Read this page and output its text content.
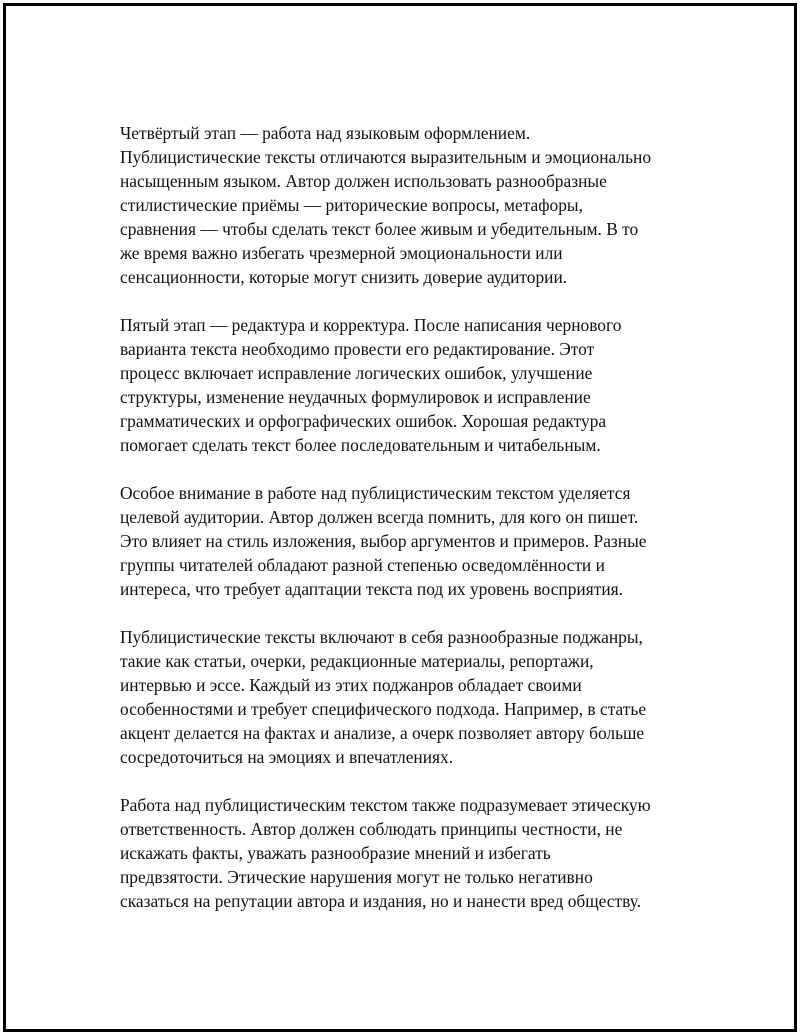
Четвёртый этап — работа над языковым оформлением.
Публицистические тексты отличаются выразительным и эмоционально
насыщенным языком. Автор должен использовать разнообразные
стилистические приёмы — риторические вопросы, метафоры,
сравнения — чтобы сделать текст более живым и убедительным. В то
же время важно избегать чрезмерной эмоциональности или
сенсационности, которые могут снизить доверие аудитории.

Пятый этап — редактура и корректура. После написания чернового
варианта текста необходимо провести его редактирование. Этот
процесс включает исправление логических ошибок, улучшение
структуры, изменение неудачных формулировок и исправление
грамматических и орфографических ошибок. Хорошая редактура
помогает сделать текст более последовательным и читабельным.

Особое внимание в работе над публицистическим текстом уделяется
целевой аудитории. Автор должен всегда помнить, для кого он пишет.
Это влияет на стиль изложения, выбор аргументов и примеров. Разные
группы читателей обладают разной степенью осведомлённости и
интереса, что требует адаптации текста под их уровень восприятия.

Публицистические тексты включают в себя разнообразные поджанры,
такие как статьи, очерки, редакционные материалы, репортажи,
интервью и эссе. Каждый из этих поджанров обладает своими
особенностями и требует специфического подхода. Например, в статье
акцент делается на фактах и анализе, а очерк позволяет автору больше
сосредоточиться на эмоциях и впечатлениях.

Работа над публицистическим текстом также подразумевает этическую
ответственность. Автор должен соблюдать принципы честности, не
искажать факты, уважать разнообразие мнений и избегать
предвзятости. Этические нарушения могут не только негативно
сказаться на репутации автора и издания, но и нанести вред обществу.
